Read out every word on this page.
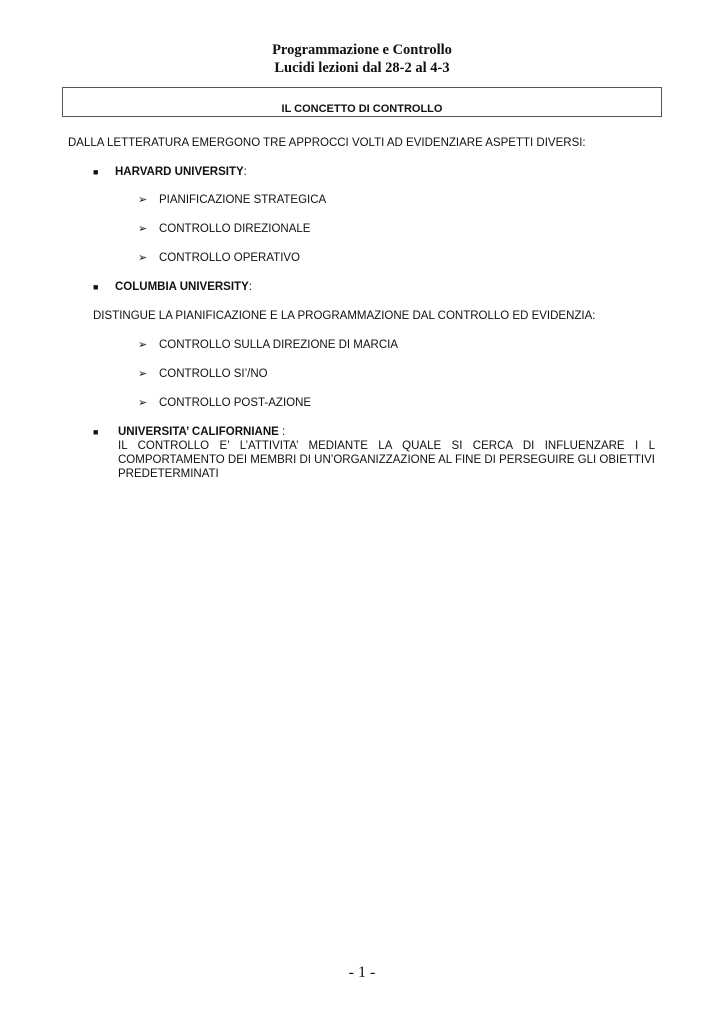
Programmazione e Controllo
Lucidi lezioni dal 28-2 al 4-3
IL CONCETTO DI CONTROLLO
DALLA LETTERATURA EMERGONO TRE APPROCCI VOLTI AD EVIDENZIARE ASPETTI DIVERSI:
■ HARVARD UNIVERSITY:
➢ PIANIFICAZIONE STRATEGICA
➢ CONTROLLO DIREZIONALE
➢ CONTROLLO OPERATIVO
■ COLUMBIA UNIVERSITY:
DISTINGUE LA PIANIFICAZIONE E LA PROGRAMMAZIONE DAL CONTROLLO ED EVIDENZIA:
➢ CONTROLLO SULLA DIREZIONE DI MARCIA
➢ CONTROLLO SI’/NO
➢ CONTROLLO POST-AZIONE
■ UNIVERSITA’ CALIFORNIANE :
IL CONTROLLO E’ L’ATTIVITA’ MEDIANTE LA QUALE SI CERCA DI INFLUENZARE I L COMPORTAMENTO DEI MEMBRI DI UN’ORGANIZZAZIONE AL FINE DI PERSEGUIRE GLI OBIETTIVI PREDETERMINATI
- 1 -
